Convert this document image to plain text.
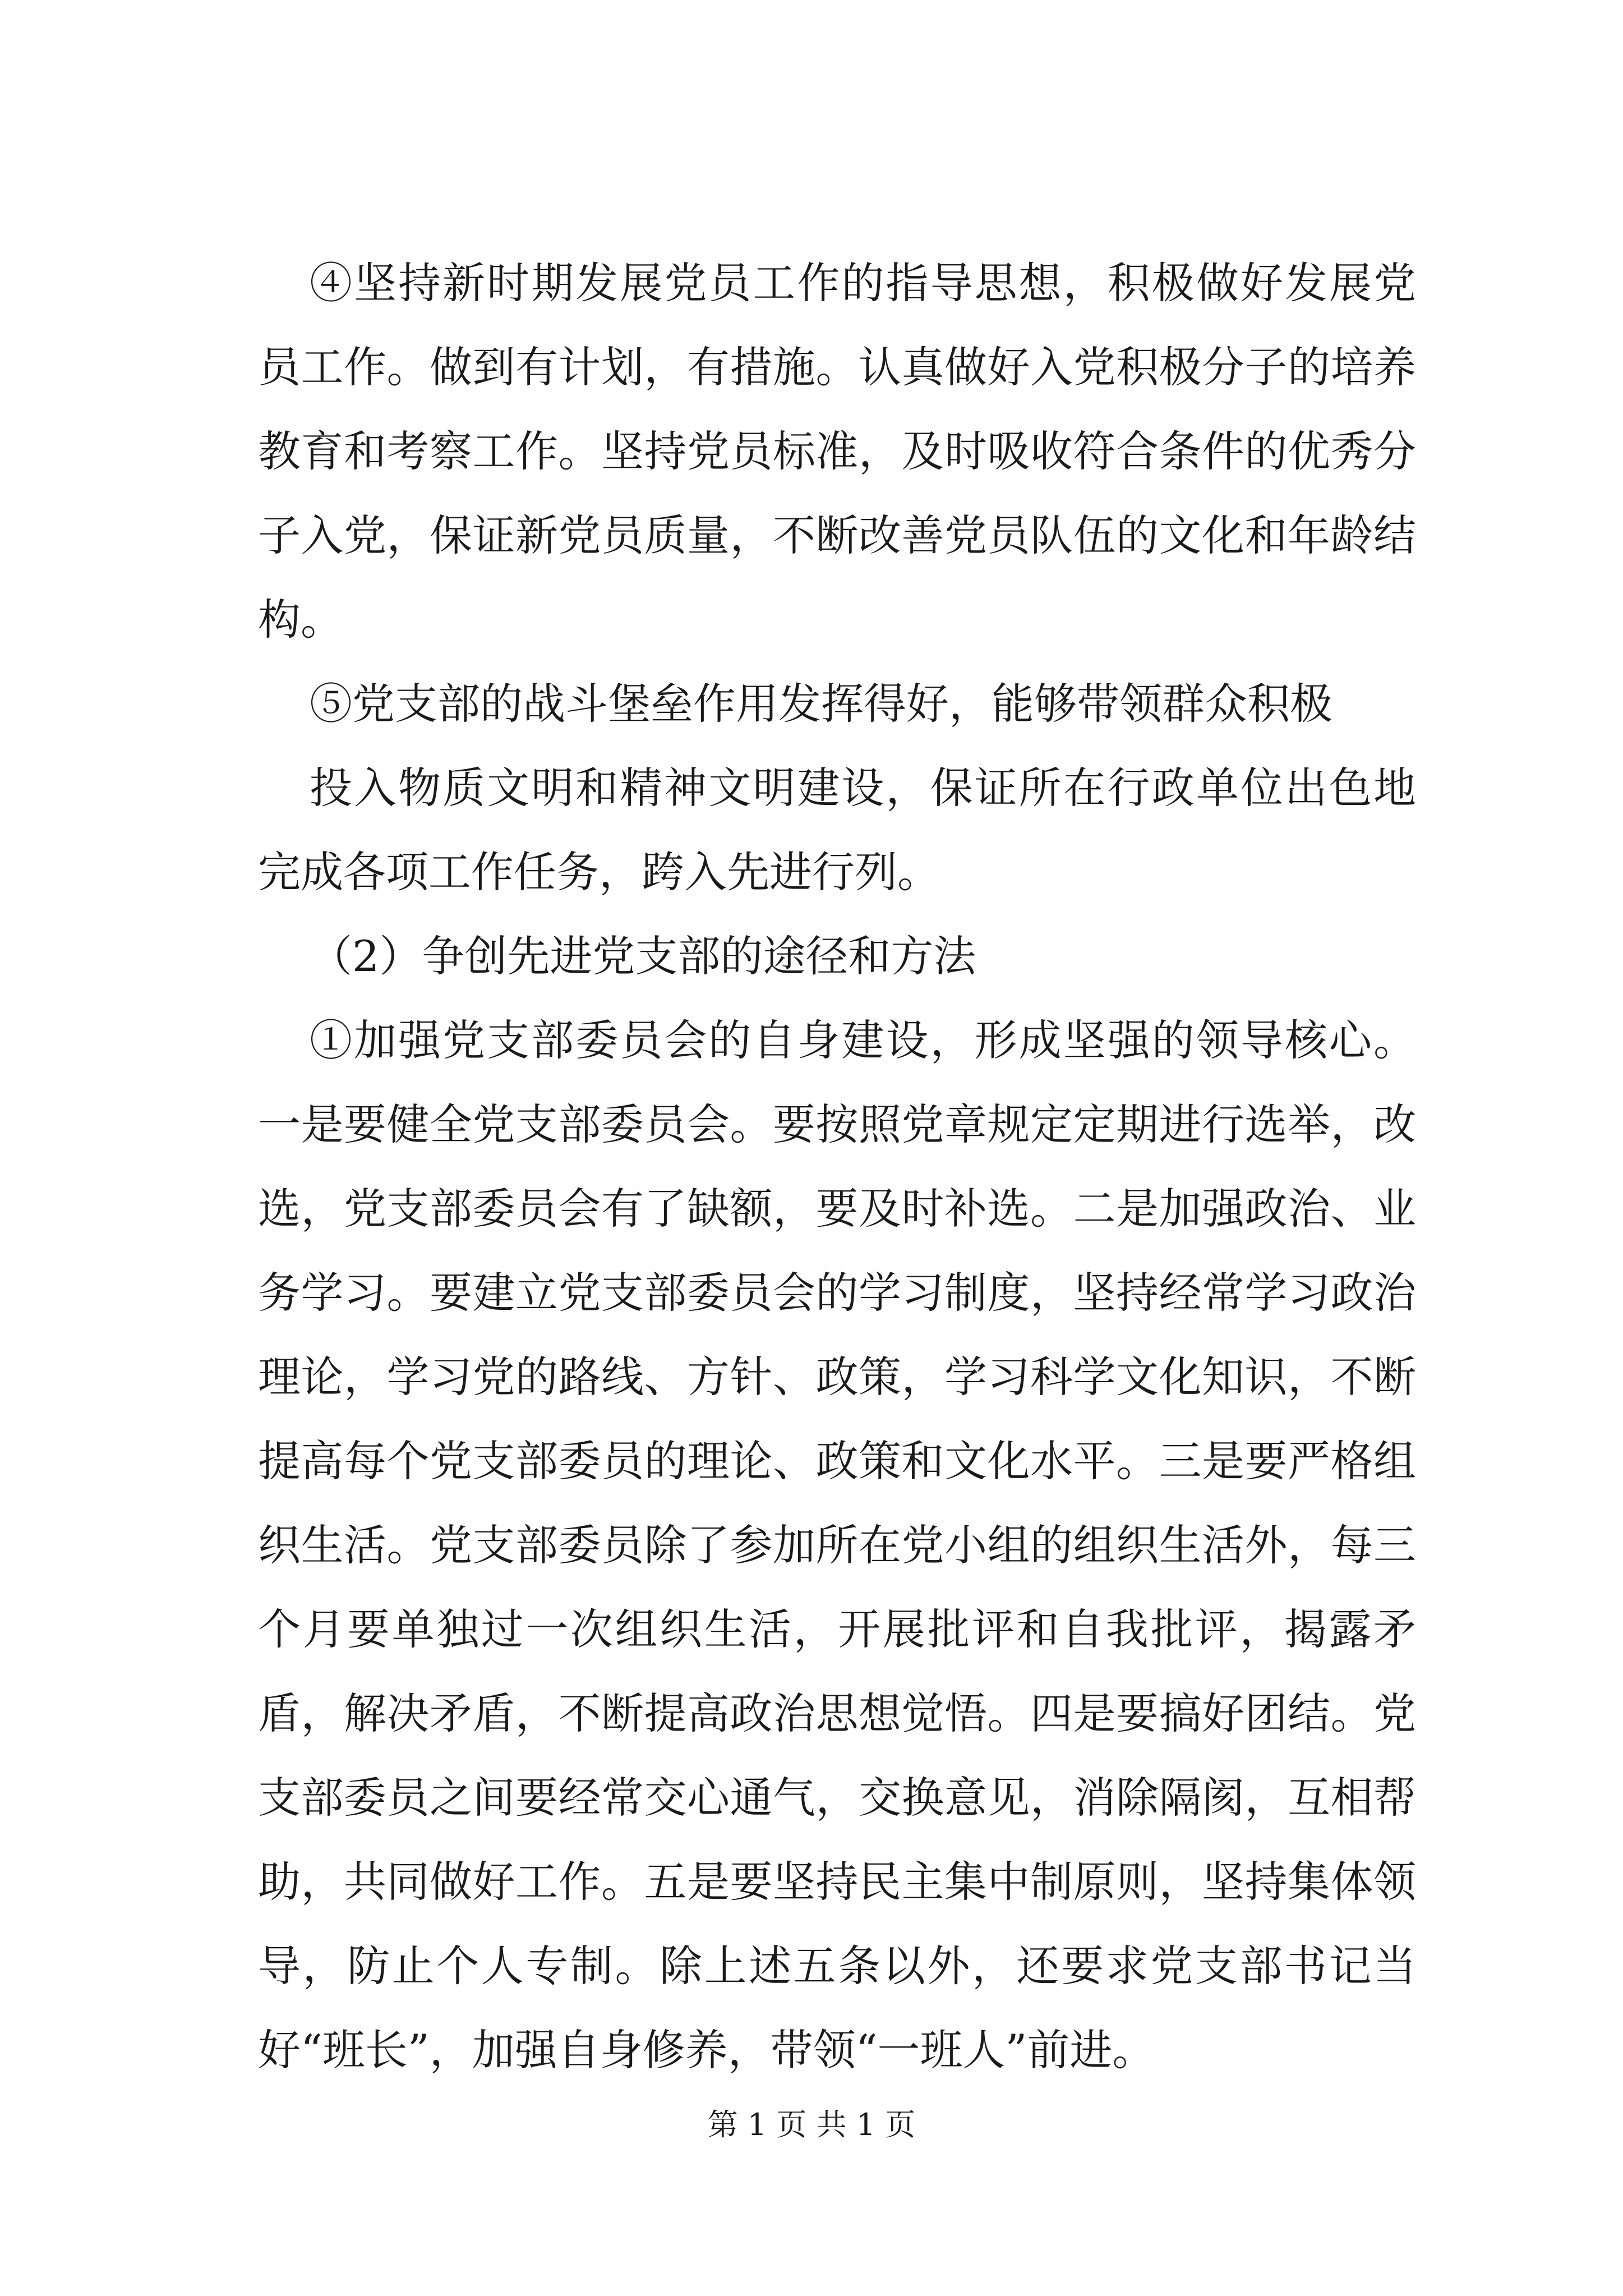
④坚持新时期发展党员工作的指导思想，积极做好发展党员工作。做到有计划，有措施。认真做好入党积极分子的培养教育和考察工作。坚持党员标准，及时吸收符合条件的优秀分子入党，保证新党员质量，不断改善党员队伍的文化和年龄结构。

⑤党支部的战斗堡垒作用发挥得好，能够带领群众积极

投入物质文明和精神文明建设，保证所在行政单位出色地完成各项工作任务，跨入先进行列。

（2）争创先进党支部的途径和方法

①加强党支部委员会的自身建设，形成坚强的领导核心。一是要健全党支部委员会。要按照党章规定定期进行选举，改选，党支部委员会有了缺额，要及时补选。二是加强政治、业务学习。要建立党支部委员会的学习制度，坚持经常学习政治理论，学习党的路线、方针、政策，学习科学文化知识，不断提高每个党支部委员的理论、政策和文化水平。三是要严格组织生活。党支部委员除了参加所在党小组的组织生活外，每三个月要单独过一次组织生活，开展批评和自我批评，揭露矛盾，解决矛盾，不断提高政治思想觉悟。四是要搞好团结。党支部委员之间要经常交心通气，交换意见，消除隔阂，互相帮助，共同做好工作。五是要坚持民主集中制原则，坚持集体领导，防止个人专制。除上述五条以外，还要求党支部书记当好“班长”，加强自身修养，带领“一班人”前进。

第 1 页 共 1 页
